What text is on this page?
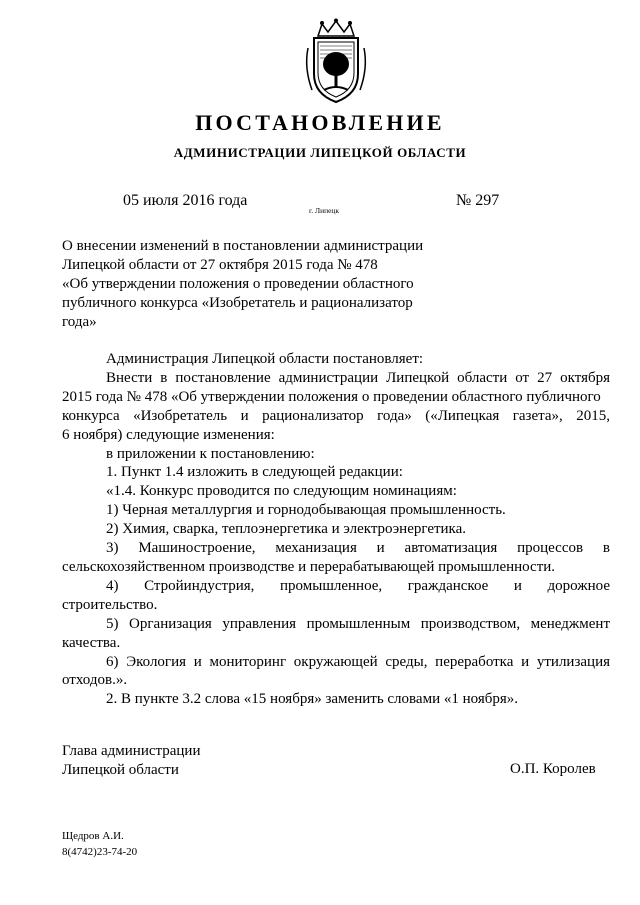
ПОСТАНОВЛЕНИЕ
АДМИНИСТРАЦИИ ЛИПЕЦКОЙ ОБЛАСТИ
05 июля 2016 года
г. Липецк
№ 297
О внесении изменений в постановлении администрации
Липецкой области от 27 октября 2015 года № 478
«Об утверждении положения о проведении областного
публичного конкурса «Изобретатель и рационализатор
года»
Администрация Липецкой области постановляет:
Внести в постановление администрации Липецкой области от 27 октября
2015 года № 478 «Об утверждении положения о проведении областного публичного
конкурса «Изобретатель и рационализатор года» («Липецкая газета», 2015,
6 ноября) следующие изменения:
в приложении к постановлению:
1. Пункт 1.4 изложить в следующей редакции:
«1.4. Конкурс проводится по следующим номинациям:
1) Черная металлургия и горнодобывающая промышленность.
2) Химия, сварка, теплоэнергетика и электроэнергетика.
3) Машиностроение, механизация и автоматизация процессов в
сельскохозяйственном производстве и перерабатывающей промышленности.
4) Стройиндустрия, промышленное, гражданское и дорожное
строительство.
5) Организация управления промышленным производством, менеджмент
качества.
6) Экология и мониторинг окружающей среды, переработка и утилизация
отходов.».
2. В пункте 3.2 слова «15 ноября» заменить словами «1 ноября».
Глава администрации
Липецкой области	О.П. Королев
Щедров А.И.
8(4742)23-74-20
